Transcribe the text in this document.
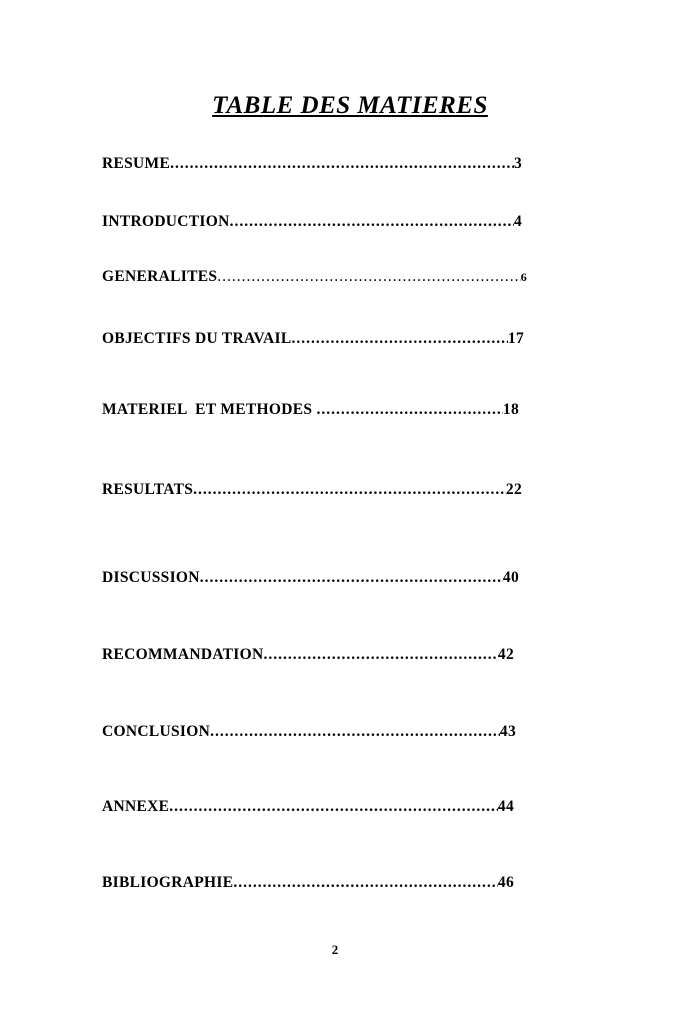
TABLE DES MATIERES
RESUME .....	3
INTRODUCTION .....	4
GENERALITES .....	6
OBJECTIFS DU TRAVAIL .....	17
MATERIEL  ET METHODES .....	18
RESULTATS .....	22
DISCUSSION .....	40
RECOMMANDATION .....	42
CONCLUSION .....	43
ANNEXE .....	44
BIBLIOGRAPHIE .....	46
2
